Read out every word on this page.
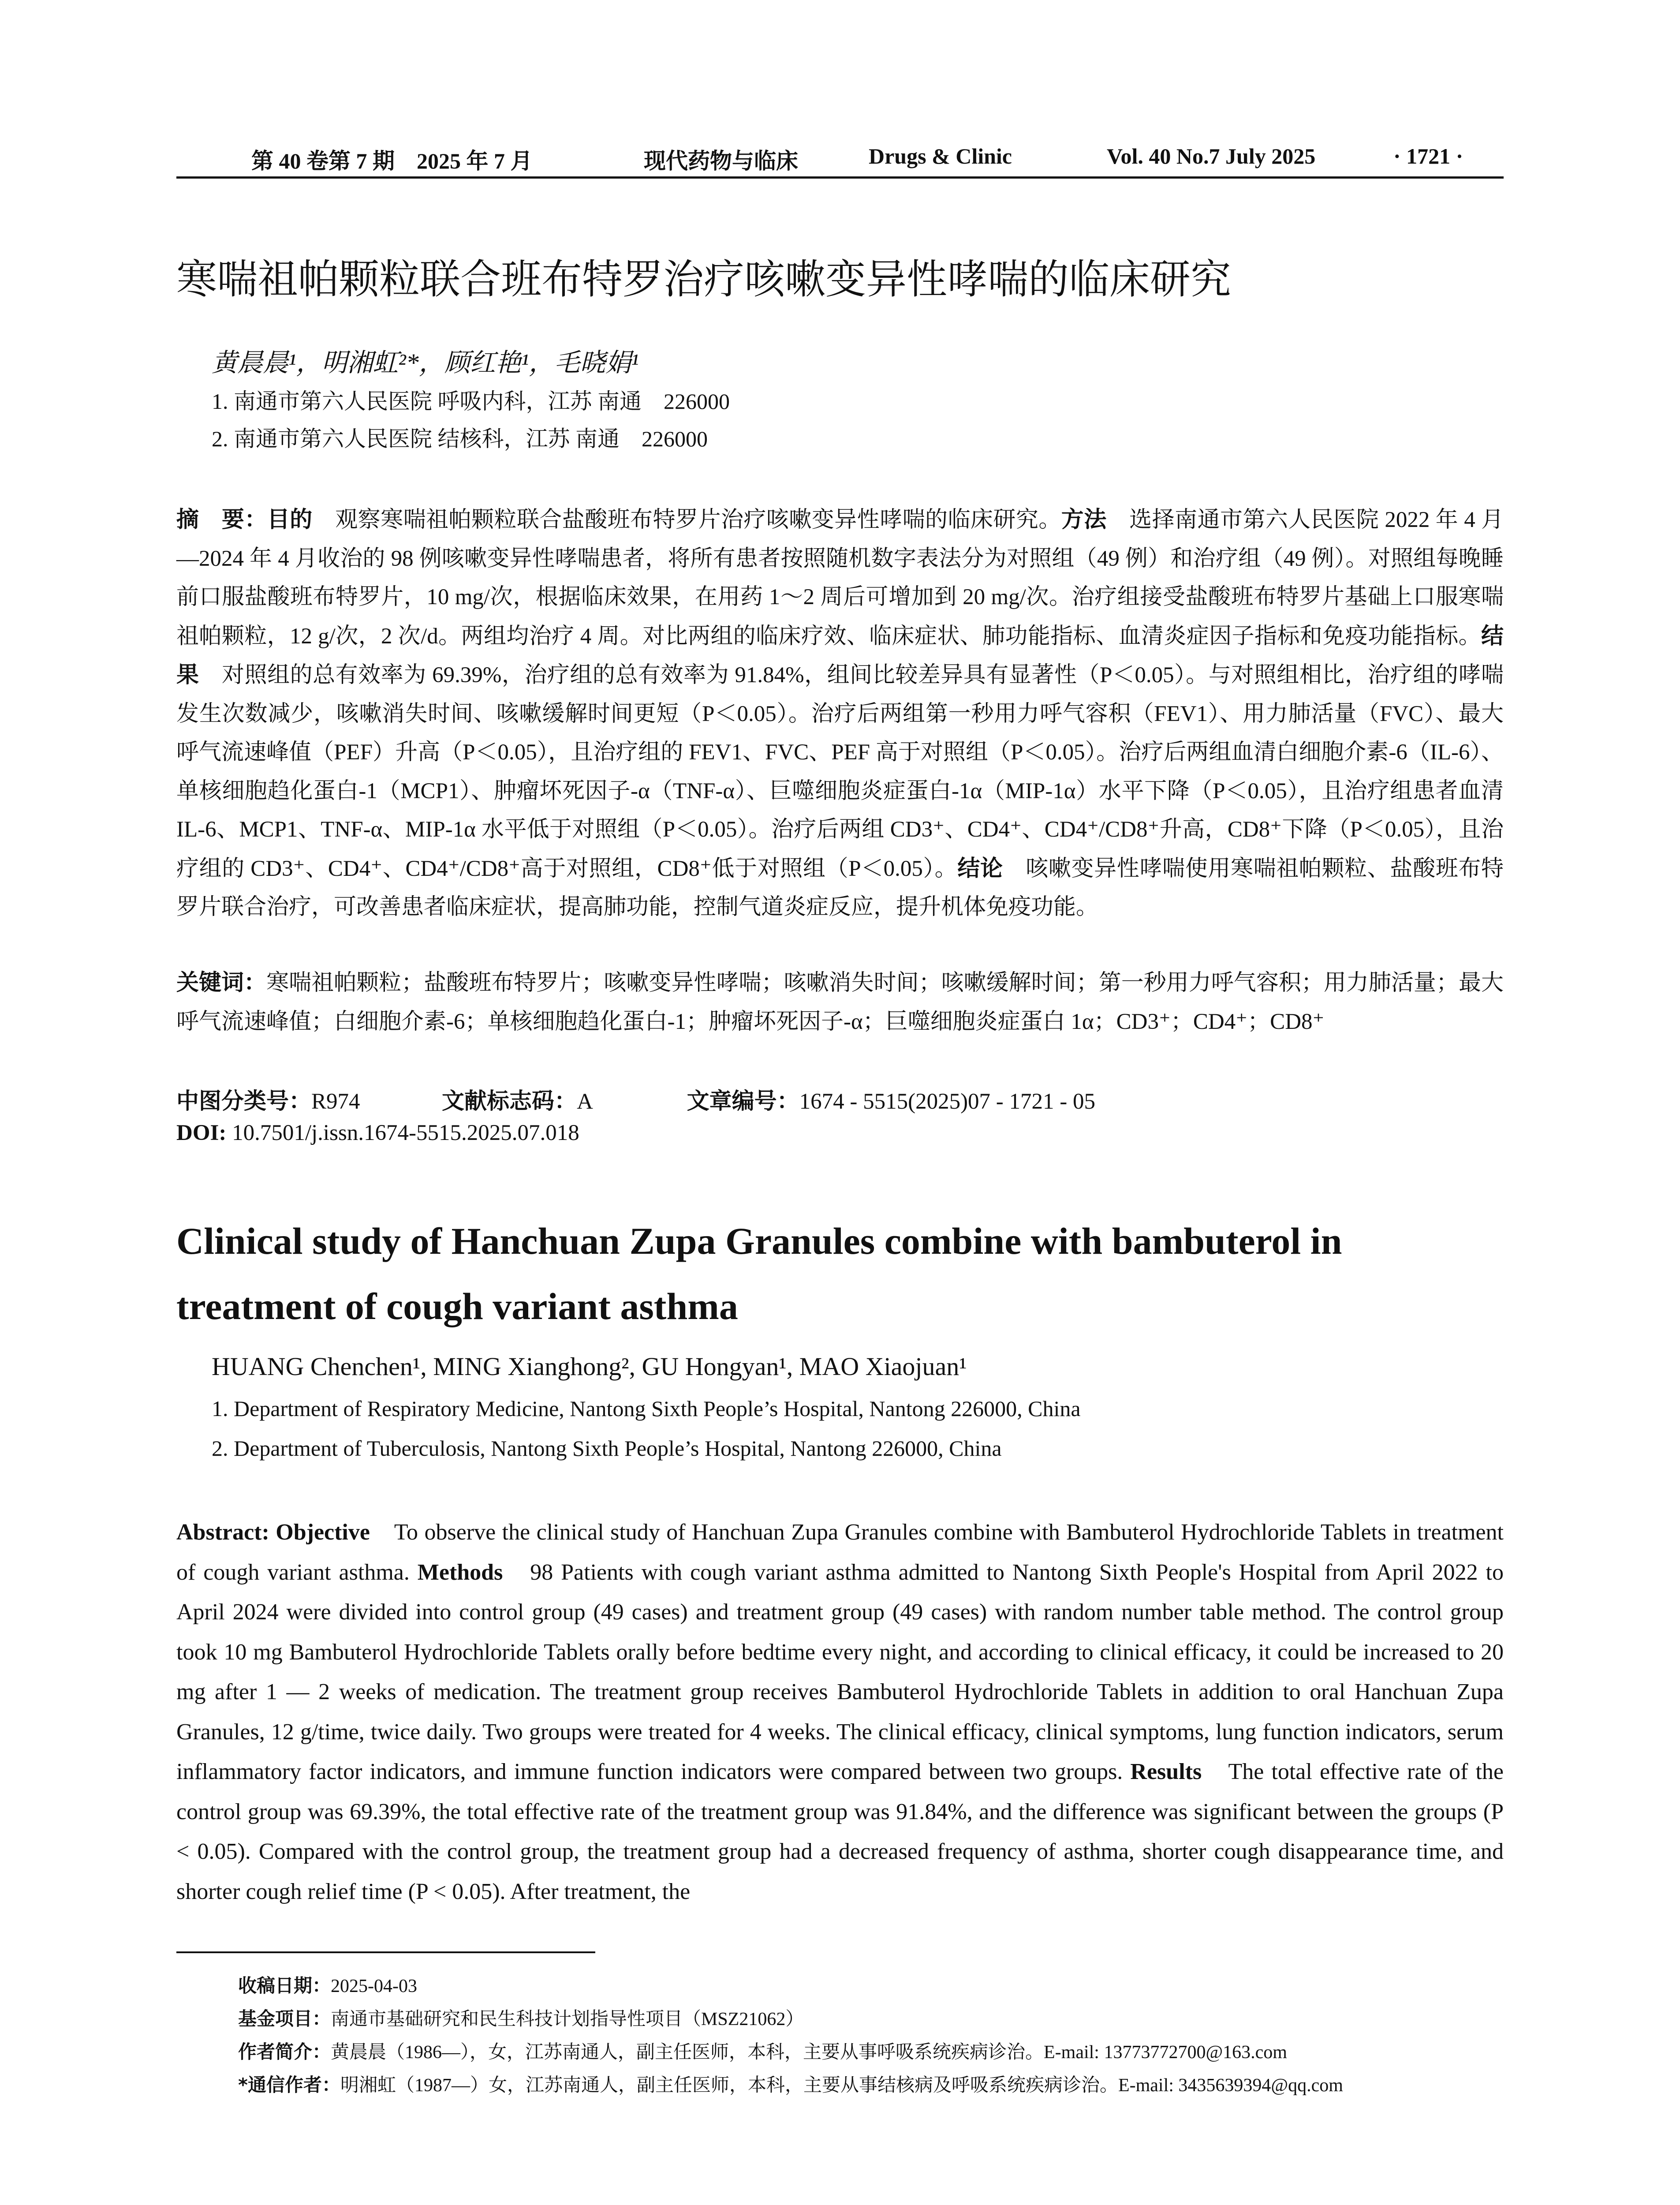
第 40 卷第 7 期　2025 年 7 月	现代药物与临床	Drugs & Clinic	Vol. 40 No.7 July 2025	· 1721 ·
寒喘祖帕颗粒联合班布特罗治疗咳嗽变异性哮喘的临床研究
黄晨晨¹，明湘虹²*，顾红艳¹，毛晓娟¹
1. 南通市第六人民医院 呼吸内科，江苏 南通　226000
2. 南通市第六人民医院 结核科，江苏 南通　226000
摘　要：目的　观察寒喘祖帕颗粒联合盐酸班布特罗片治疗咳嗽变异性哮喘的临床研究。方法　选择南通市第六人民医院 2022 年 4 月—2024 年 4 月收治的 98 例咳嗽变异性哮喘患者，将所有患者按照随机数字表法分为对照组（49 例）和治疗组（49 例）。对照组每晚睡前口服盐酸班布特罗片，10 mg/次，根据临床效果，在用药 1～2 周后可增加到 20 mg/次。治疗组接受盐酸班布特罗片基础上口服寒喘祖帕颗粒，12 g/次，2 次/d。两组均治疗 4 周。对比两组的临床疗效、临床症状、肺功能指标、血清炎症因子指标和免疫功能指标。结果　对照组的总有效率为 69.39%，治疗组的总有效率为 91.84%，组间比较差异具有显著性（P＜0.05）。与对照组相比，治疗组的哮喘发生次数减少，咳嗽消失时间、咳嗽缓解时间更短（P＜0.05）。治疗后两组第一秒用力呼气容积（FEV1）、用力肺活量（FVC）、最大呼气流速峰值（PEF）升高（P＜0.05），且治疗组的 FEV1、FVC、PEF 高于对照组（P＜0.05）。治疗后两组血清白细胞介素-6（IL-6）、单核细胞趋化蛋白-1（MCP1）、肿瘤坏死因子-α（TNF-α）、巨噬细胞炎症蛋白-1α（MIP-1α）水平下降（P＜0.05），且治疗组患者血清 IL-6、MCP1、TNF-α、MIP-1α 水平低于对照组（P＜0.05）。治疗后两组 CD3⁺、CD4⁺、CD4⁺/CD8⁺升高，CD8⁺下降（P＜0.05），且治疗组的 CD3⁺、CD4⁺、CD4⁺/CD8⁺高于对照组，CD8⁺低于对照组（P＜0.05）。结论　咳嗽变异性哮喘使用寒喘祖帕颗粒、盐酸班布特罗片联合治疗，可改善患者临床症状，提高肺功能，控制气道炎症反应，提升机体免疫功能。
关键词：寒喘祖帕颗粒；盐酸班布特罗片；咳嗽变异性哮喘；咳嗽消失时间；咳嗽缓解时间；第一秒用力呼气容积；用力肺活量；最大呼气流速峰值；白细胞介素-6；单核细胞趋化蛋白-1；肿瘤坏死因子-α；巨噬细胞炎症蛋白 1α；CD3⁺；CD4⁺；CD8⁺
中图分类号：R974	文献标志码：A	文章编号：1674 - 5515(2025)07 - 1721 - 05
DOI: 10.7501/j.issn.1674-5515.2025.07.018
Clinical study of Hanchuan Zupa Granules combine with bambuterol in treatment of cough variant asthma
HUANG Chenchen¹, MING Xianghong², GU Hongyan¹, MAO Xiaojuan¹
1. Department of Respiratory Medicine, Nantong Sixth People’s Hospital, Nantong 226000, China
2. Department of Tuberculosis, Nantong Sixth People’s Hospital, Nantong 226000, China
Abstract: Objective　To observe the clinical study of Hanchuan Zupa Granules combine with Bambuterol Hydrochloride Tablets in treatment of cough variant asthma. Methods　98 Patients with cough variant asthma admitted to Nantong Sixth People's Hospital from April 2022 to April 2024 were divided into control group (49 cases) and treatment group (49 cases) with random number table method. The control group took 10 mg Bambuterol Hydrochloride Tablets orally before bedtime every night, and according to clinical efficacy, it could be increased to 20 mg after 1 — 2 weeks of medication. The treatment group receives Bambuterol Hydrochloride Tablets in addition to oral Hanchuan Zupa Granules, 12 g/time, twice daily. Two groups were treated for 4 weeks. The clinical efficacy, clinical symptoms, lung function indicators, serum inflammatory factor indicators, and immune function indicators were compared between two groups. Results　The total effective rate of the control group was 69.39%, the total effective rate of the treatment group was 91.84%, and the difference was significant between the groups (P < 0.05). Compared with the control group, the treatment group had a decreased frequency of asthma, shorter cough disappearance time, and shorter cough relief time (P < 0.05). After treatment, the
收稿日期：2025-04-03
基金项目：南通市基础研究和民生科技计划指导性项目（MSZ21062）
作者简介：黄晨晨（1986—），女，江苏南通人，副主任医师，本科，主要从事呼吸系统疾病诊治。E-mail: 13773772700@163.com
*通信作者：明湘虹（1987—）女，江苏南通人，副主任医师，本科，主要从事结核病及呼吸系统疾病诊治。E-mail: 3435639394@qq.com
